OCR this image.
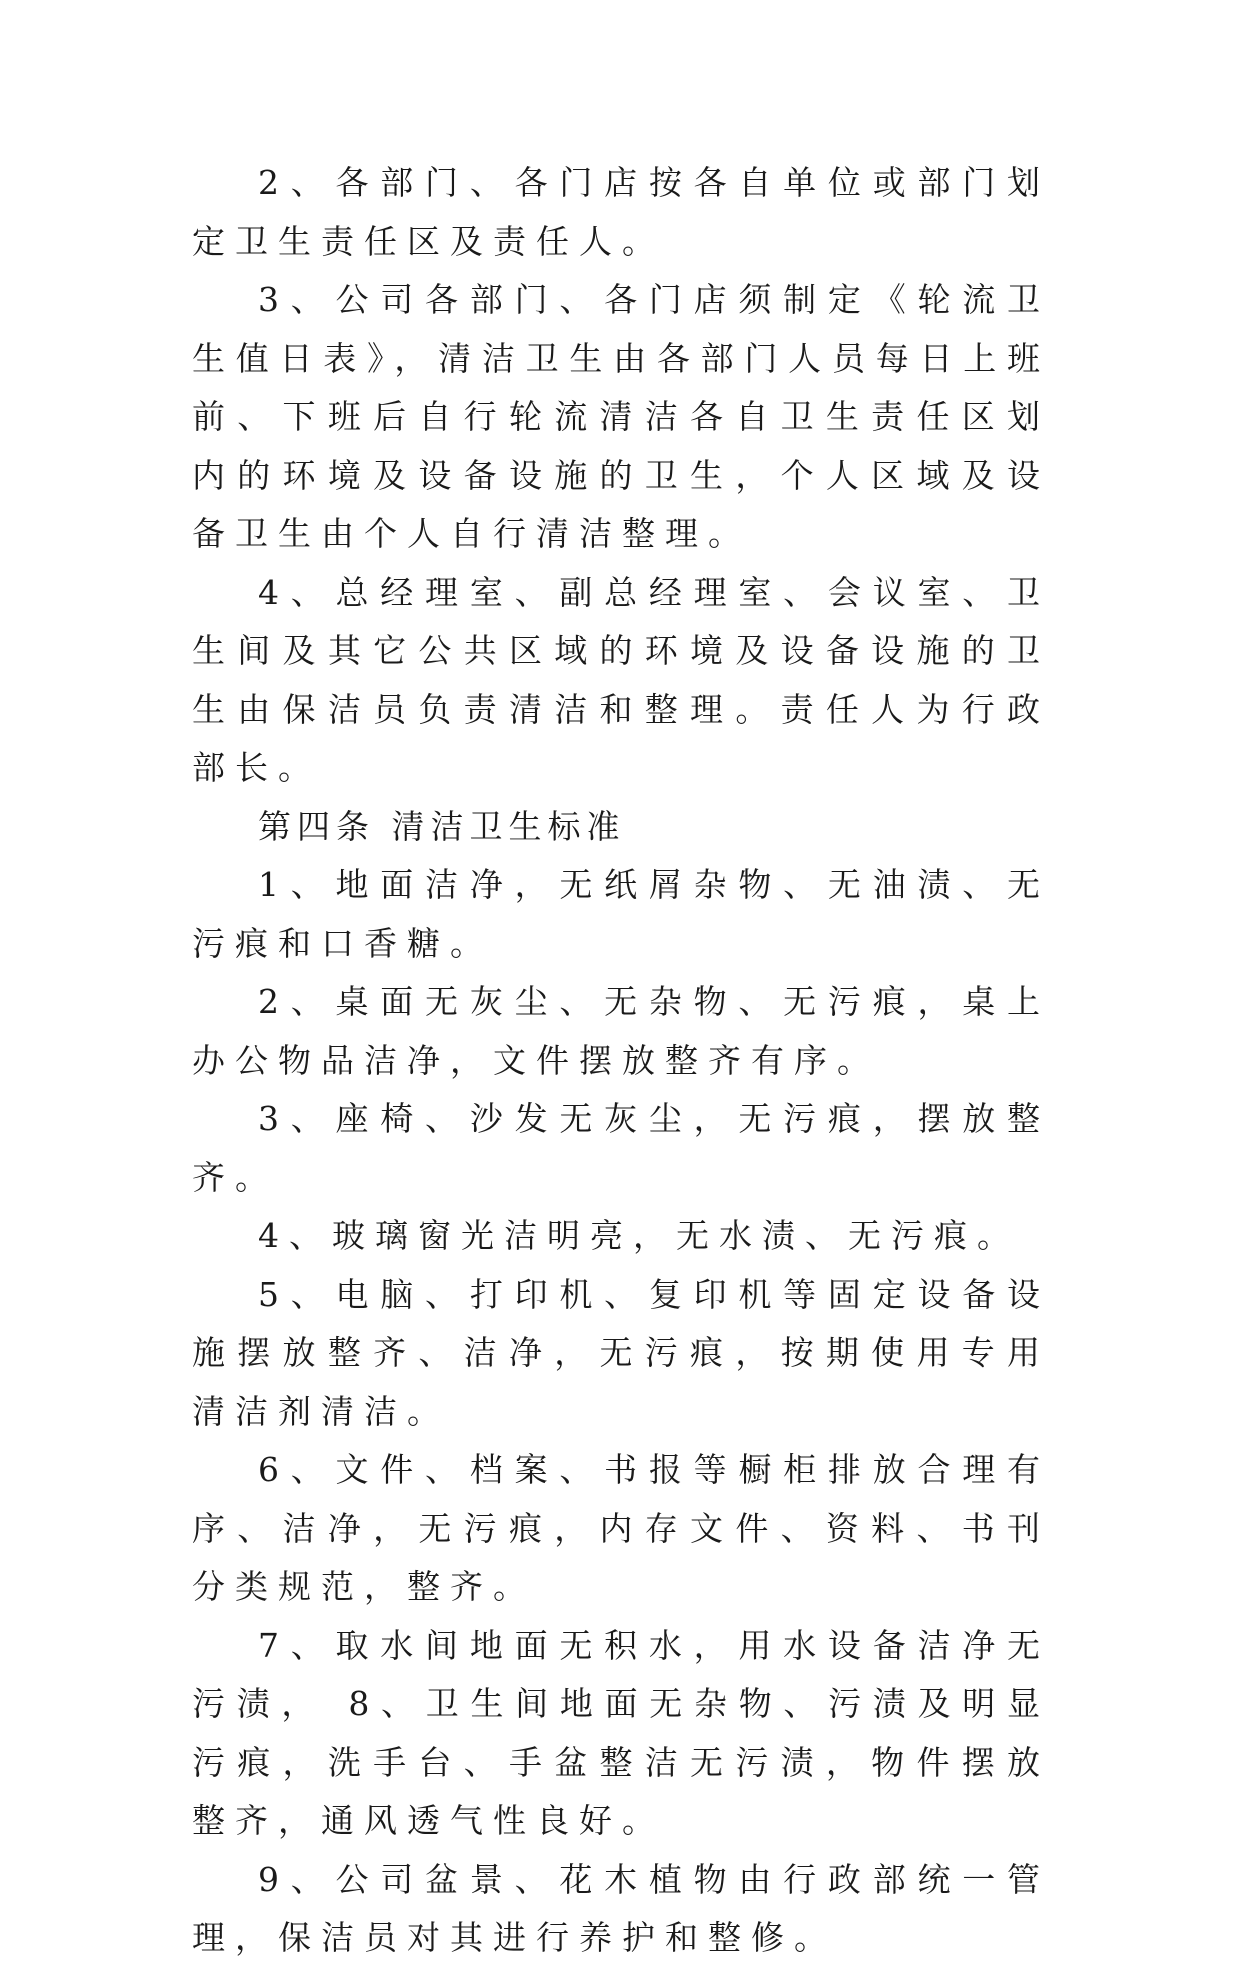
2、各部门、各门店按各自单位或部门划定卫生责任区及责任人。

3、公司各部门、各门店须制定《轮流卫生值日表》，清洁卫生由各部门人员每日上班前、下班后自行轮流清洁各自卫生责任区划内的环境及设备设施的卫生，个人区域及设备卫生由个人自行清洁整理。

4、总经理室、副总经理室、会议室、卫生间及其它公共区域的环境及设备设施的卫生由保洁员负责清洁和整理。责任人为行政部长。

第四条 清洁卫生标准

1、地面洁净，无纸屑杂物、无油渍、无污痕和口香糖。

2、桌面无灰尘、无杂物、无污痕，桌上办公物品洁净，文件摆放整齐有序。

3、座椅、沙发无灰尘，无污痕，摆放整齐。

4、玻璃窗光洁明亮，无水渍、无污痕。

5、电脑、打印机、复印机等固定设备设施摆放整齐、洁净，无污痕，按期使用专用清洁剂清洁。

6、文件、档案、书报等橱柜排放合理有序、洁净，无污痕，内存文件、资料、书刊分类规范，整齐。

7、取水间地面无积水，用水设备洁净无污渍， 8、卫生间地面无杂物、污渍及明显污痕，洗手台、手盆整洁无污渍，物件摆放整齐，通风透气性良好。

9、公司盆景、花木植物由行政部统一管理，保洁员对其进行养护和整修。
